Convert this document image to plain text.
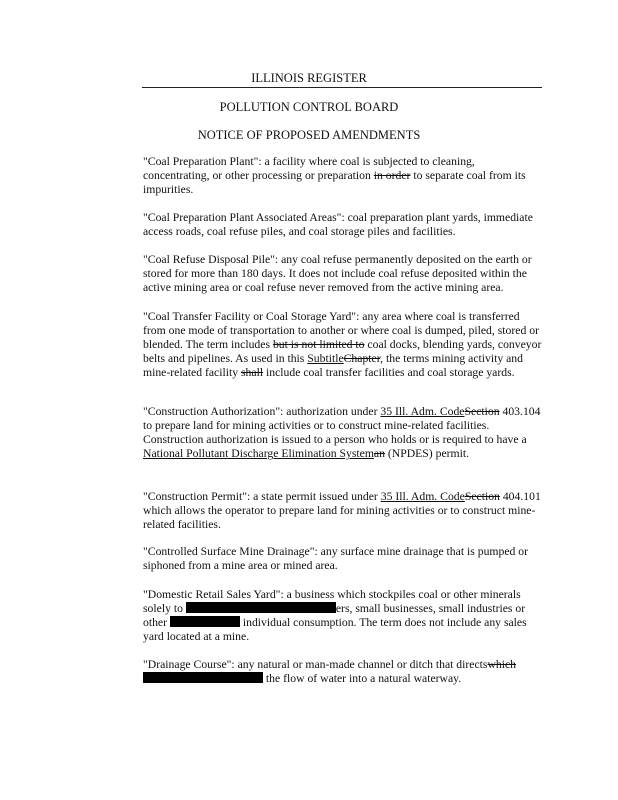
ILLINOIS REGISTER
POLLUTION CONTROL BOARD
NOTICE OF PROPOSED AMENDMENTS
"Coal Preparation Plant": a facility where coal is subjected to cleaning, concentrating, or other processing or preparation in order to separate coal from its impurities.
"Coal Preparation Plant Associated Areas": coal preparation plant yards, immediate access roads, coal refuse piles, and coal storage piles and facilities.
"Coal Refuse Disposal Pile": any coal refuse permanently deposited on the earth or stored for more than 180 days. It does not include coal refuse deposited within the active mining area or coal refuse never removed from the active mining area.
"Coal Transfer Facility or Coal Storage Yard": any area where coal is transferred from one mode of transportation to another or where coal is dumped, piled, stored or blended. The term includes but is not limited to coal docks, blending yards, conveyor belts and pipelines. As used in this SubtitleChapter, the terms mining activity and mine-related facility shall include coal transfer facilities and coal storage yards.
"Construction Authorization": authorization under 35 Ill. Adm. CodeSection 403.104 to prepare land for mining activities or to construct mine-related facilities. Construction authorization is issued to a person who holds or is required to have a National Pollutant Discharge Elimination Systeman (NPDES) permit.
"Construction Permit": a state permit issued under 35 Ill. Adm. CodeSection 404.101 which allows the operator to prepare land for mining activities or to construct mine-related facilities.
"Controlled Surface Mine Drainage": any surface mine drainage that is pumped or siphoned from a mine area or mined area.
"Domestic Retail Sales Yard": a business which stockpiles coal or other minerals solely to	ers, small businesses, small industries or other	individual consumption. The term does not include any sales yard located at a mine.
"Drainage Course": any natural or man-made channel or ditch that directswhich
the flow of water into a natural waterway.
